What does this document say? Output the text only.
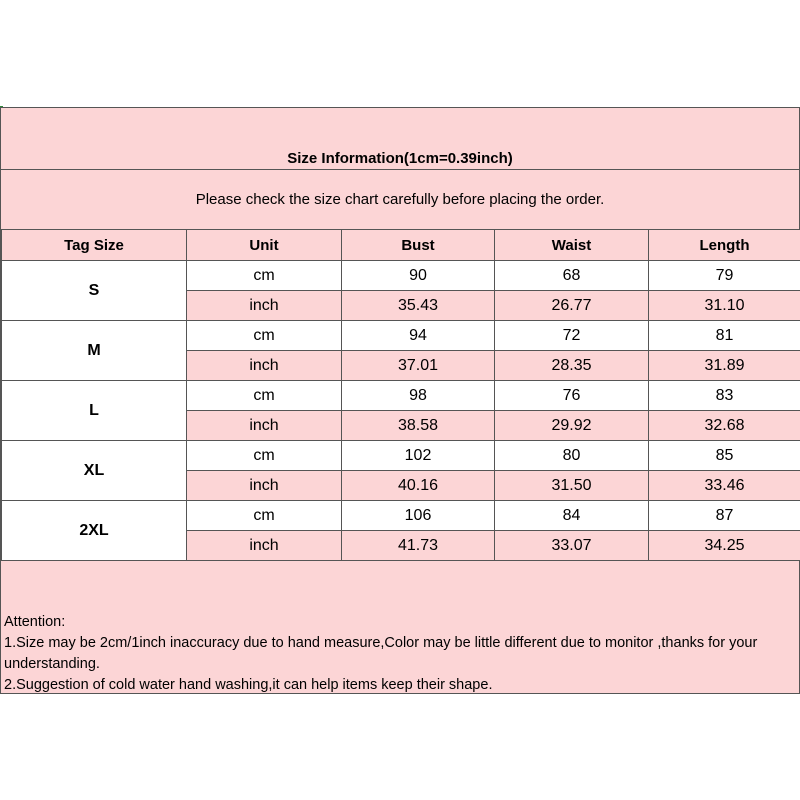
Size Information(1cm=0.39inch)
Please check the size chart carefully before placing the order.
Tag Size	Unit	Bust	Waist	Length
S	cm	90	68	79
	inch	35.43	26.77	31.10
M	cm	94	72	81
	inch	37.01	28.35	31.89
L	cm	98	76	83
	inch	38.58	29.92	32.68
XL	cm	102	80	85
	inch	40.16	31.50	33.46
2XL	cm	106	84	87
	inch	41.73	33.07	34.25
Attention:
1.Size may be 2cm/1inch inaccuracy due to hand measure,Color may be little different due to monitor ,thanks for your understanding.
2.Suggestion of cold water hand washing,it can help items keep their shape.
